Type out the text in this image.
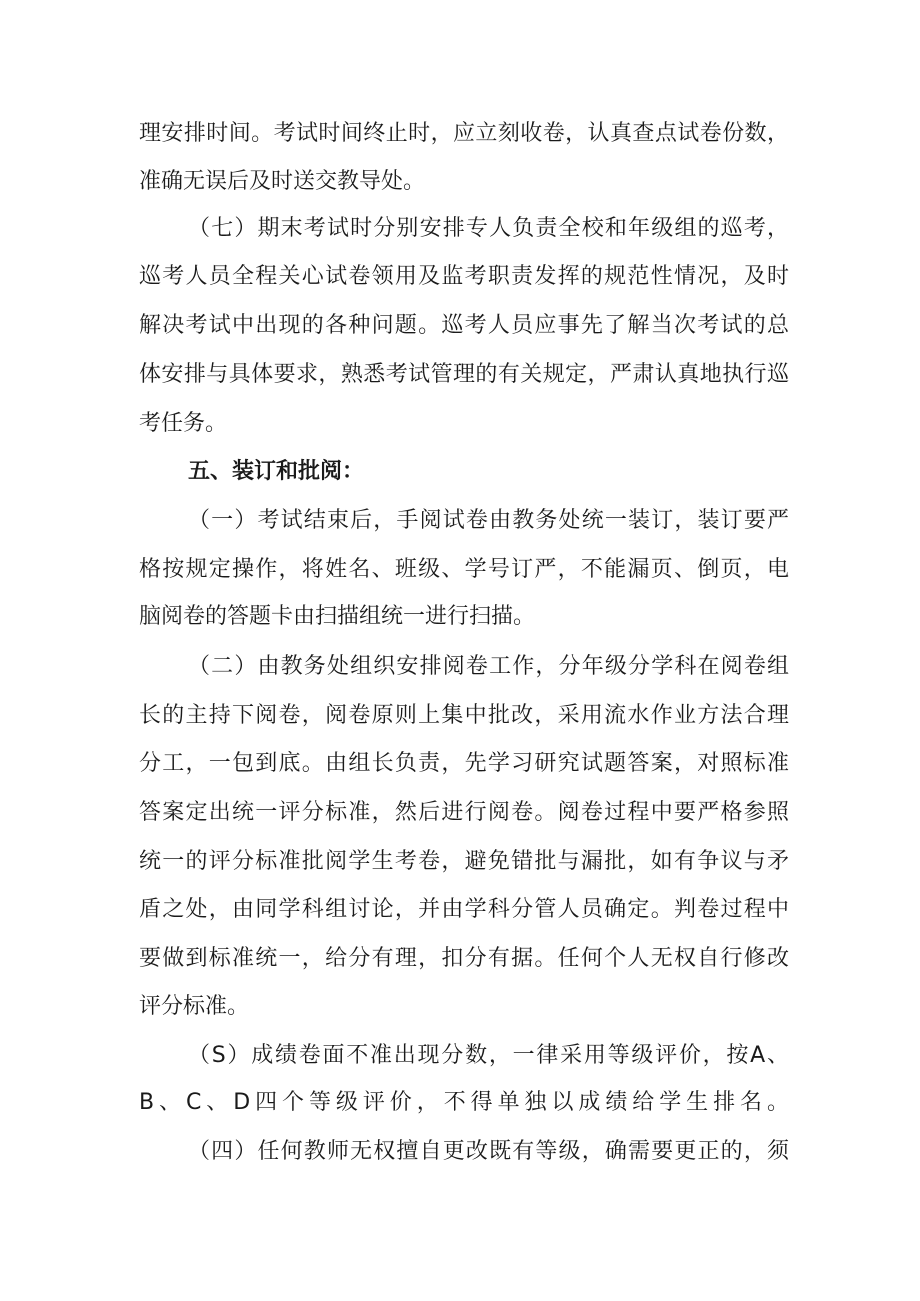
理安排时间。考试时间终止时，应立刻收卷，认真查点试卷份数，
准确无误后及时送交教导处。
（七）期末考试时分别安排专人负责全校和年级组的巡考，
巡考人员全程关心试卷领用及监考职责发挥的规范性情况，及时
解决考试中出现的各种问题。巡考人员应事先了解当次考试的总
体安排与具体要求，熟悉考试管理的有关规定，严肃认真地执行巡
考任务。
五、装订和批阅：
（一）考试结束后，手阅试卷由教务处统一装订，装订要严
格按规定操作，将姓名、班级、学号订严，不能漏页、倒页，电
脑阅卷的答题卡由扫描组统一进行扫描。
（二）由教务处组织安排阅卷工作，分年级分学科在阅卷组
长的主持下阅卷，阅卷原则上集中批改，采用流水作业方法合理
分工，一包到底。由组长负责，先学习研究试题答案，对照标准
答案定出统一评分标准，然后进行阅卷。阅卷过程中要严格参照
统一的评分标准批阅学生考卷，避免错批与漏批，如有争议与矛
盾之处，由同学科组讨论，并由学科分管人员确定。判卷过程中
要做到标准统一，给分有理，扣分有据。任何个人无权自行修改
评分标准。
（S）成绩卷面不准出现分数，一律采用等级评价，按A、
B、C、D四个等级评价，不得单独以成绩给学生排名。
（四）任何教师无权擅自更改既有等级，确需要更正的，须
